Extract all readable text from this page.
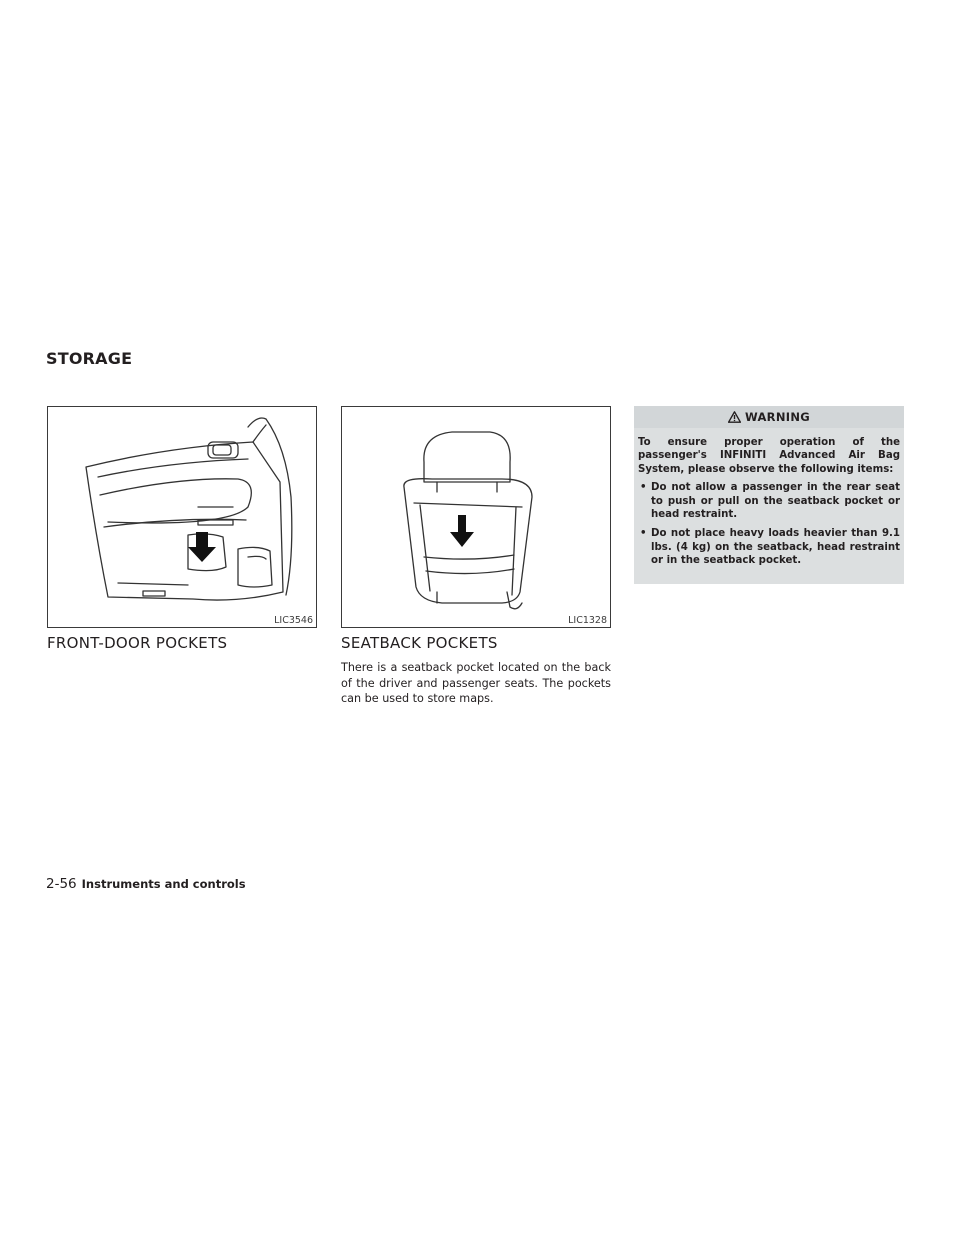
STORAGE
LIC3546	LIC1328
FRONT-DOOR POCKETS	SEATBACK POCKETS

There is a seatback pocket located on the back of the driver and passenger seats. The pockets can be used to store maps.

WARNING

To ensure proper operation of the passenger's INFINITI Advanced Air Bag System, please observe the following items:

• Do not allow a passenger in the rear seat to push or pull on the seatback pocket or head restraint.
• Do not place heavy loads heavier than 9.1 lbs. (4 kg) on the seatback, head restraint or in the seatback pocket.
2-56 Instruments and controls
